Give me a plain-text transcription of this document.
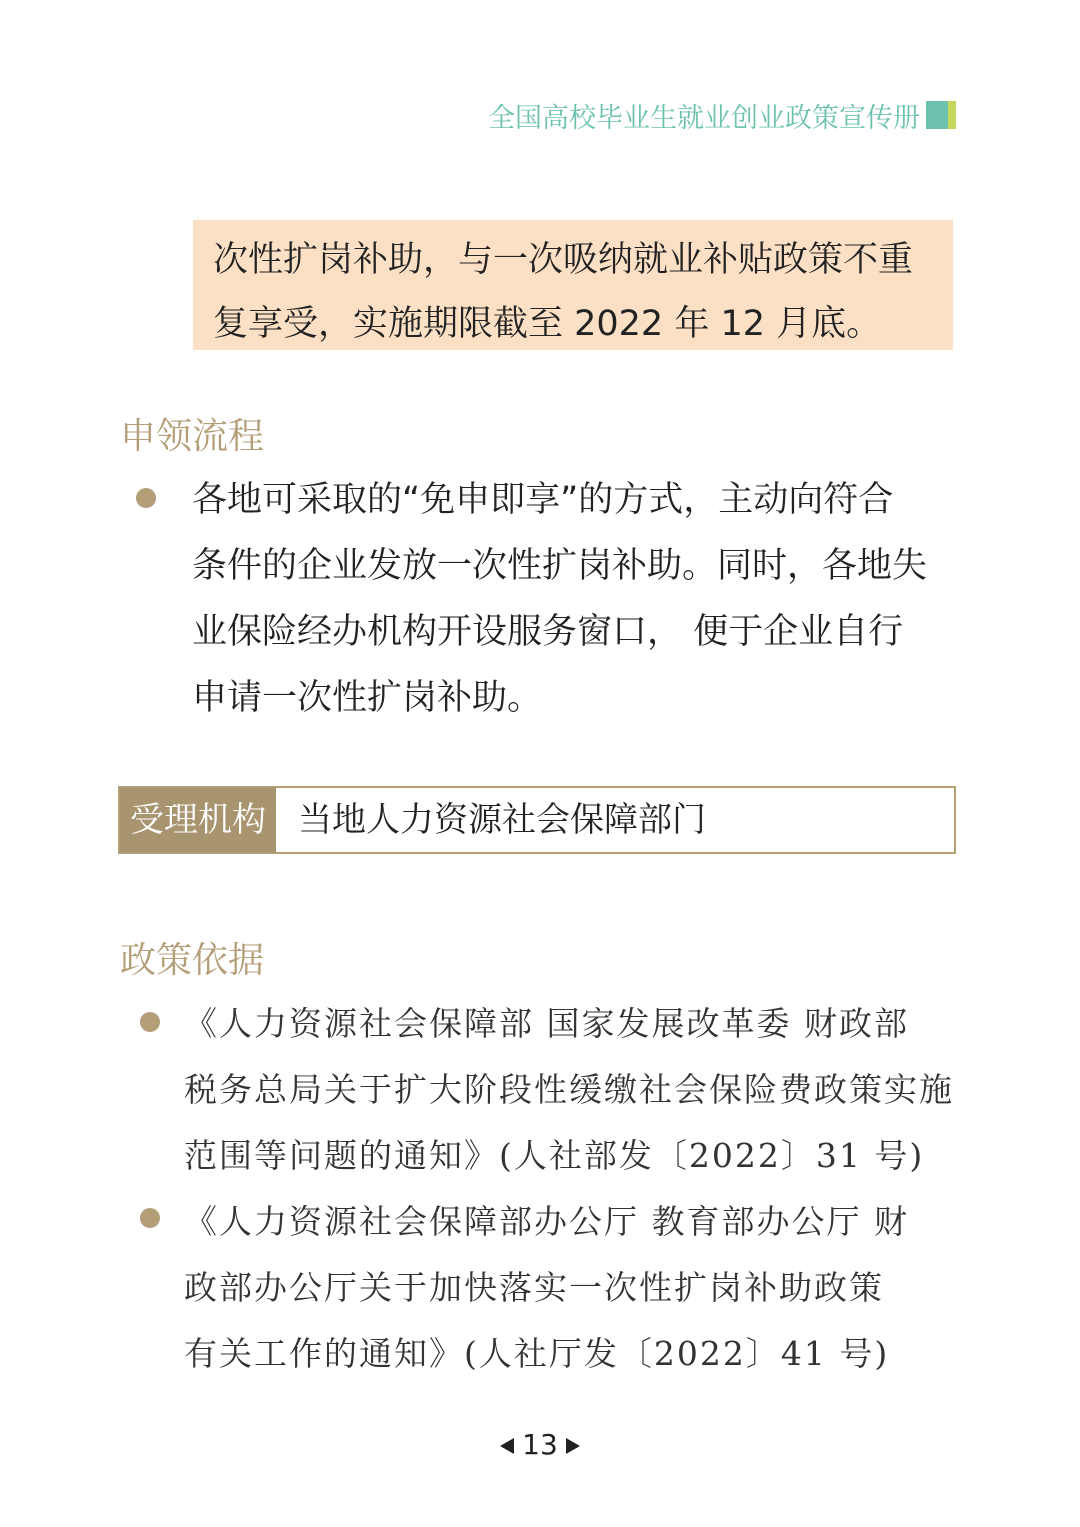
全国高校毕业生就业创业政策宣传册
次性扩岗补助，与一次吸纳就业补贴政策不重
复享受，实施期限截至 2022 年 12 月底。
申领流程
各地可采取的“免申即享”的方式，主动向符合
条件的企业发放一次性扩岗补助。同时，各地失
业保险经办机构开设服务窗口， 便于企业自行
申请一次性扩岗补助。
受理机构 当地人力资源社会保障部门
政策依据
《人力资源社会保障部 国家发展改革委 财政部
税务总局关于扩大阶段性缓缴社会保险费政策实施
范围等问题的通知》(人社部发〔2022〕31 号)
《人力资源社会保障部办公厅 教育部办公厅 财
政部办公厅关于加快落实一次性扩岗补助政策
有关工作的通知》(人社厅发〔2022〕41 号)
13
